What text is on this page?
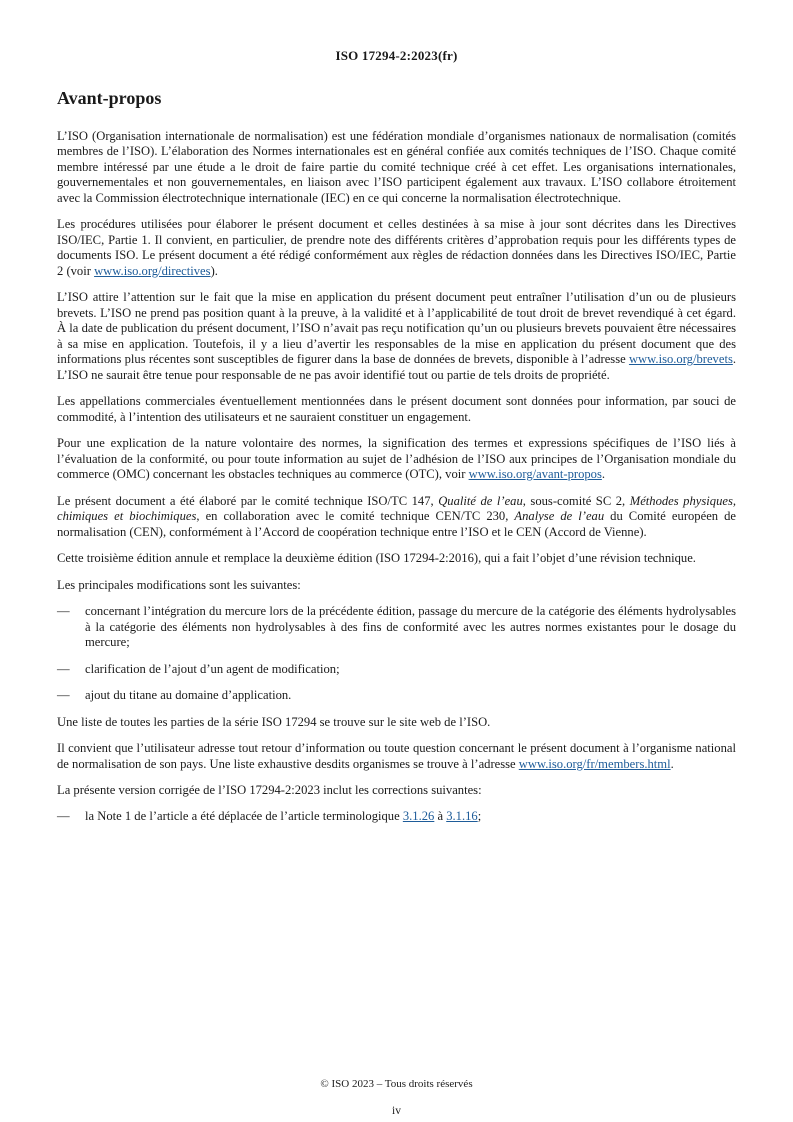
ISO 17294-2:2023(fr)
Avant-propos

L’ISO (Organisation internationale de normalisation) est une fédération mondiale d’organismes nationaux de normalisation (comités membres de l’ISO). L’élaboration des Normes internationales est en général confiée aux comités techniques de l’ISO. Chaque comité membre intéressé par une étude a le droit de faire partie du comité technique créé à cet effet. Les organisations internationales, gouvernementales et non gouvernementales, en liaison avec l’ISO participent également aux travaux. L’ISO collabore étroitement avec la Commission électrotechnique internationale (IEC) en ce qui concerne la normalisation électrotechnique.

Les procédures utilisées pour élaborer le présent document et celles destinées à sa mise à jour sont décrites dans les Directives ISO/IEC, Partie 1. Il convient, en particulier, de prendre note des différents critères d’approbation requis pour les différents types de documents ISO. Le présent document a été rédigé conformément aux règles de rédaction données dans les Directives ISO/IEC, Partie 2 (voir www.iso.org/directives).

L’ISO attire l’attention sur le fait que la mise en application du présent document peut entraîner l’utilisation d’un ou de plusieurs brevets. L’ISO ne prend pas position quant à la preuve, à la validité et à l’applicabilité de tout droit de brevet revendiqué à cet égard. À la date de publication du présent document, l’ISO n’avait pas reçu notification qu’un ou plusieurs brevets pouvaient être nécessaires à sa mise en application. Toutefois, il y a lieu d’avertir les responsables de la mise en application du présent document que des informations plus récentes sont susceptibles de figurer dans la base de données de brevets, disponible à l’adresse www.iso.org/brevets. L’ISO ne saurait être tenue pour responsable de ne pas avoir identifié tout ou partie de tels droits de propriété.

Les appellations commerciales éventuellement mentionnées dans le présent document sont données pour information, par souci de commodité, à l’intention des utilisateurs et ne sauraient constituer un engagement.

Pour une explication de la nature volontaire des normes, la signification des termes et expressions spécifiques de l’ISO liés à l’évaluation de la conformité, ou pour toute information au sujet de l’adhésion de l’ISO aux principes de l’Organisation mondiale du commerce (OMC) concernant les obstacles techniques au commerce (OTC), voir www.iso.org/avant-propos.

Le présent document a été élaboré par le comité technique ISO/TC 147, Qualité de l’eau, sous-comité SC 2, Méthodes physiques, chimiques et biochimiques, en collaboration avec le comité technique CEN/TC 230, Analyse de l’eau du Comité européen de normalisation (CEN), conformément à l’Accord de coopération technique entre l’ISO et le CEN (Accord de Vienne).

Cette troisième édition annule et remplace la deuxième édition (ISO 17294-2:2016), qui a fait l’objet d’une révision technique.

Les principales modifications sont les suivantes:

—	concernant l’intégration du mercure lors de la précédente édition, passage du mercure de la catégorie des éléments hydrolysables à la catégorie des éléments non hydrolysables à des fins de conformité avec les autres normes existantes pour le dosage du mercure;
—	clarification de l’ajout d’un agent de modification;
—	ajout du titane au domaine d’application.

Une liste de toutes les parties de la série ISO 17294 se trouve sur le site web de l’ISO.

Il convient que l’utilisateur adresse tout retour d’information ou toute question concernant le présent document à l’organisme national de normalisation de son pays. Une liste exhaustive desdits organismes se trouve à l’adresse www.iso.org/fr/members.html.

La présente version corrigée de l’ISO 17294-2:2023 inclut les corrections suivantes:

—	la Note 1 de l’article a été déplacée de l’article terminologique 3.1.26 à 3.1.16;
© ISO 2023 – Tous droits réservés
iv
